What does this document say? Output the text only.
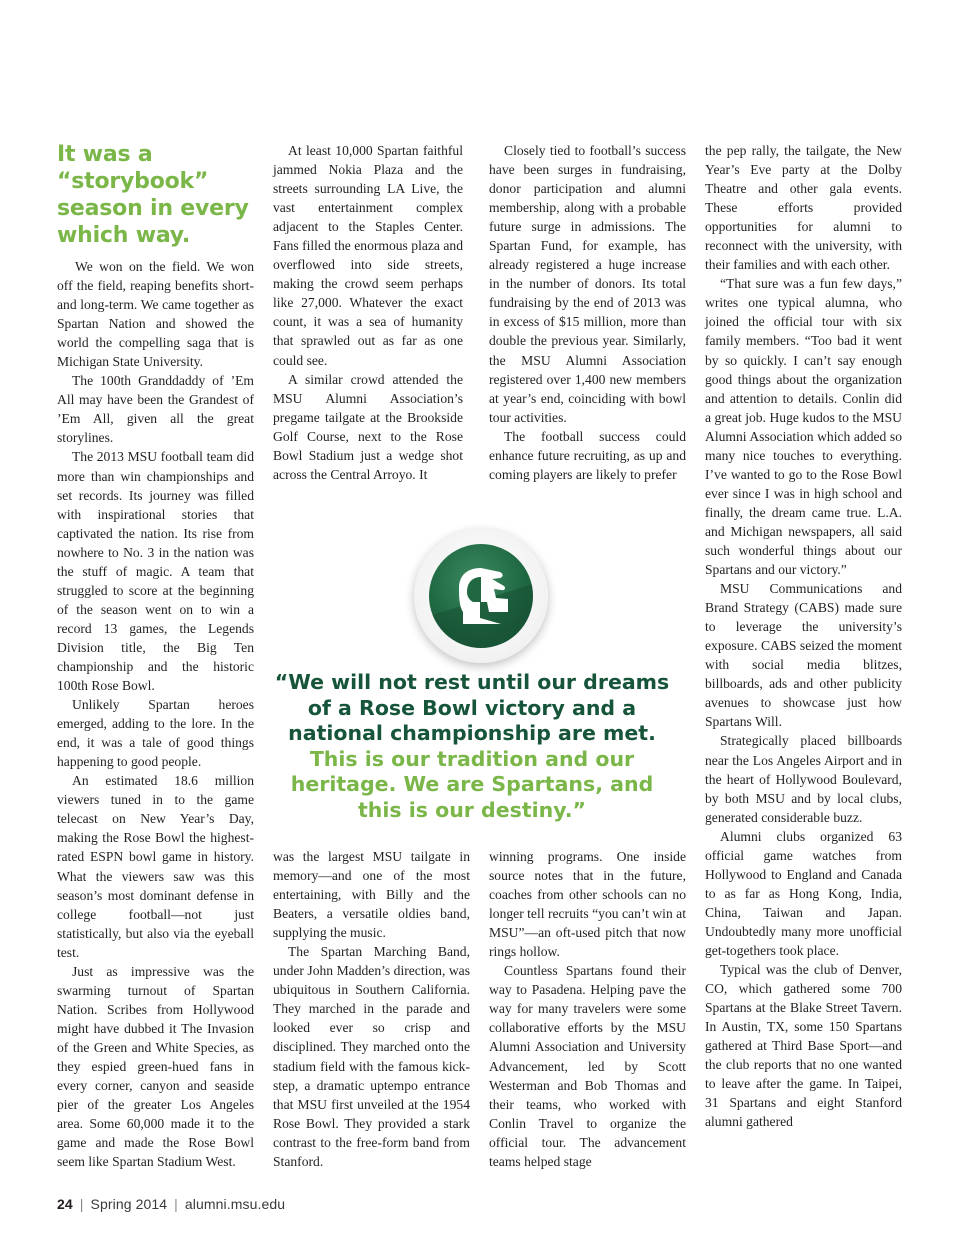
It was a “storybook” season in every which way.

We won on the field. We won off the field, reaping benefits short- and long-term. We came together as Spartan Nation and showed the world the compelling saga that is Michigan State University.

The 100th Granddaddy of ’Em All may have been the Grandest of ’Em All, given all the great storylines.

The 2013 MSU football team did more than win championships and set records. Its journey was filled with inspirational stories that captivated the nation. Its rise from nowhere to No. 3 in the nation was the stuff of magic. A team that struggled to score at the beginning of the season went on to win a record 13 games, the Legends Division title, the Big Ten championship and the historic 100th Rose Bowl.

Unlikely Spartan heroes emerged, adding to the lore. In the end, it was a tale of good things happening to good people.

An estimated 18.6 million viewers tuned in to the game telecast on New Year’s Day, making the Rose Bowl the highest-rated ESPN bowl game in history. What the viewers saw was this season’s most dominant defense in college football—not just statistically, but also via the eyeball test.

Just as impressive was the swarming turnout of Spartan Nation. Scribes from Hollywood might have dubbed it The Invasion of the Green and White Species, as they espied green-hued fans in every corner, canyon and seaside pier of the greater Los Angeles area. Some 60,000 made it to the game and made the Rose Bowl seem like Spartan Stadium West.

At least 10,000 Spartan faithful jammed Nokia Plaza and the streets surrounding LA Live, the vast entertainment complex adjacent to the Staples Center. Fans filled the enormous plaza and overflowed into side streets, making the crowd seem perhaps like 27,000. Whatever the exact count, it was a sea of humanity that sprawled out as far as one could see.

A similar crowd attended the MSU Alumni Association’s pregame tailgate at the Brookside Golf Course, next to the Rose Bowl Stadium just a wedge shot across the Central Arroyo. It

Closely tied to football’s success have been surges in fundraising, donor participation and alumni membership, along with a probable future surge in admissions. The Spartan Fund, for example, has already registered a huge increase in the number of donors. Its total fundraising by the end of 2013 was in excess of $15 million, more than double the previous year. Similarly, the MSU Alumni Association registered over 1,400 new members at year’s end, coinciding with bowl tour activities.

The football success could enhance future recruiting, as up and coming players are likely to prefer

the pep rally, the tailgate, the New Year’s Eve party at the Dolby Theatre and other gala events. These efforts provided opportunities for alumni to reconnect with the university, with their families and with each other.

“That sure was a fun few days,” writes one typical alumna, who joined the official tour with six family members. “Too bad it went by so quickly. I can’t say enough good things about the organization and attention to details. Conlin did a great job. Huge kudos to the MSU Alumni Association which added so many nice touches to everything. I’ve wanted to go to the Rose Bowl ever since I was in high school and finally, the dream came true. L.A. and Michigan newspapers, all said such wonderful things about our Spartans and our victory.”

MSU Communications and Brand Strategy (CABS) made sure to leverage the university’s exposure. CABS seized the moment with social media blitzes, billboards, ads and other publicity avenues to showcase just how Spartans Will.

Strategically placed billboards near the Los Angeles Airport and in the heart of Hollywood Boulevard, by both MSU and by local clubs, generated considerable buzz.

Alumni clubs organized 63 official game watches from Hollywood to England and Canada to as far as Hong Kong, India, China, Taiwan and Japan. Undoubtedly many more unofficial get-togethers took place.

Typical was the club of Denver, CO, which gathered some 700 Spartans at the Blake Street Tavern. In Austin, TX, some 150 Spartans gathered at Third Base Sport—and the club reports that no one wanted to leave after the game. In Taipei, 31 Spartans and eight Stanford alumni gathered

“We will not rest until our dreams of a Rose Bowl victory and a national championship are met. This is our tradition and our heritage. We are Spartans, and this is our destiny.”

was the largest MSU tailgate in memory—and one of the most entertaining, with Billy and the Beaters, a versatile oldies band, supplying the music.

The Spartan Marching Band, under John Madden’s direction, was ubiquitous in Southern California. They marched in the parade and looked ever so crisp and disciplined. They marched onto the stadium field with the famous kick-step, a dramatic uptempo entrance that MSU first unveiled at the 1954 Rose Bowl. They provided a stark contrast to the free-form band from Stanford.

winning programs. One inside source notes that in the future, coaches from other schools can no longer tell recruits “you can’t win at MSU”—an oft-used pitch that now rings hollow.

Countless Spartans found their way to Pasadena. Helping pave the way for many travelers were some collaborative efforts by the MSU Alumni Association and University Advancement, led by Scott Westerman and Bob Thomas and their teams, who worked with Conlin Travel to organize the official tour. The advancement teams helped stage

24 | Spring 2014 | alumni.msu.edu
